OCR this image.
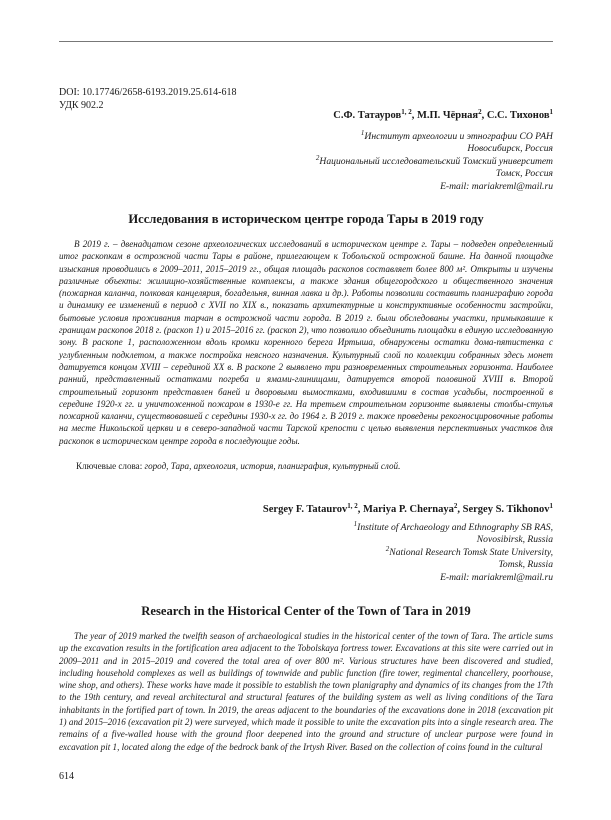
DOI: 10.17746/2658-6193.2019.25.614-618
УДК 902.2
С.Ф. Татауров$^{1, 2}$, М.П. Чёрная$^2$, С.С. Тихонов$^1$
$^1$Институт археологии и этнографии СО РАН
Новосибирск, Россия
$^2$Национальный исследовательский Томский университет
Томск, Россия
E-mail: mariakreml@mail.ru
Исследования в историческом центре города Тары в 2019 году

В 2019 г. – двенадцатом сезоне археологических исследований в историческом центре г. Тары – подведен определенный итог раскопкам в острожной части Тары в районе, прилегающем к Тобольской острожной башне. На данной площадке изыскания проводились в 2009–2011, 2015–2019 гг., общая площадь раскопов составляет более 800 м². Открыты и изучены различные объекты: жилищно-хозяйственные комплексы, а также здания общегородского и общественного значения (пожарная каланча, полковая канцелярия, богадельня, винная лавка и др.). Работы позволили составить планиграфию города и динамику ее изменений в период с XVII по XIX в., показать архитектурные и конструктивные особенности застройки, бытовые условия проживания тарчан в острожной части города. В 2019 г. были обследованы участки, примыкавшие к границам раскопов 2018 г. (раскоп 1) и 2015–2016 гг. (раскоп 2), что позволило объединить площадки в единую исследованную зону. В раскопе 1, расположенном вдоль кромки коренного берега Иртыша, обнаружены остатки дома-пятистенка с углубленным подклетом, а также постройка неясного назначения. Культурный слой по коллекции собранных здесь монет датируется концом XVIII – серединой XX в. В раскопе 2 выявлено три разновременных строительных горизонта. Наиболее ранний, представленный остатками погреба и ямами-глинищами, датируется второй половиной XVIII в. Второй строительный горизонт представлен баней и дворовыми вымостками, входившими в состав усадьбы, построенной в середине 1920-х гг. и уничтоженной пожаром в 1930-е гг. На третьем строительном горизонте выявлены столбы-стулья пожарной каланчи, существовавшей с середины 1930-х гг. до 1964 г. В 2019 г. также проведены рекогносцировочные работы на месте Никольской церкви и в северо-западной части Тарской крепости с целью выявления перспективных участков для раскопок в историческом центре города в последующие годы.

Ключевые слова: город, Тара, археология, история, планиграфия, культурный слой.

Sergey F. Tataurov$^{1, 2}$, Mariya P. Chernaya$^2$, Sergey S. Tikhonov$^1$
$^1$Institute of Archaeology and Ethnography SB RAS,
Novosibirsk, Russia
$^2$National Research Tomsk State University,
Tomsk, Russia
E-mail: mariakreml@mail.ru
Research in the Historical Center of the Town of Tara in 2019

The year of 2019 marked the twelfth season of archaeological studies in the historical center of the town of Tara. The article sums up the excavation results in the fortification area adjacent to the Tobolskaya fortress tower. Excavations at this site were carried out in 2009–2011 and in 2015–2019 and covered the total area of over 800 m². Various structures have been discovered and studied, including household complexes as well as buildings of townwide and public function (fire tower, regimental chancellery, poorhouse, wine shop, and others). These works have made it possible to establish the town planigraphy and dynamics of its changes from the 17th to the 19th century, and reveal architectural and structural features of the building system as well as living conditions of the Tara inhabitants in the fortified part of town. In 2019, the areas adjacent to the boundaries of the excavations done in 2018 (excavation pit 1) and 2015–2016 (excavation pit 2) were surveyed, which made it possible to unite the excavation pits into a single research area. The remains of a five-walled house with the ground floor deepened into the ground and structure of unclear purpose were found in excavation pit 1, located along the edge of the bedrock bank of the Irtysh River. Based on the collection of coins found in the cultural

614
